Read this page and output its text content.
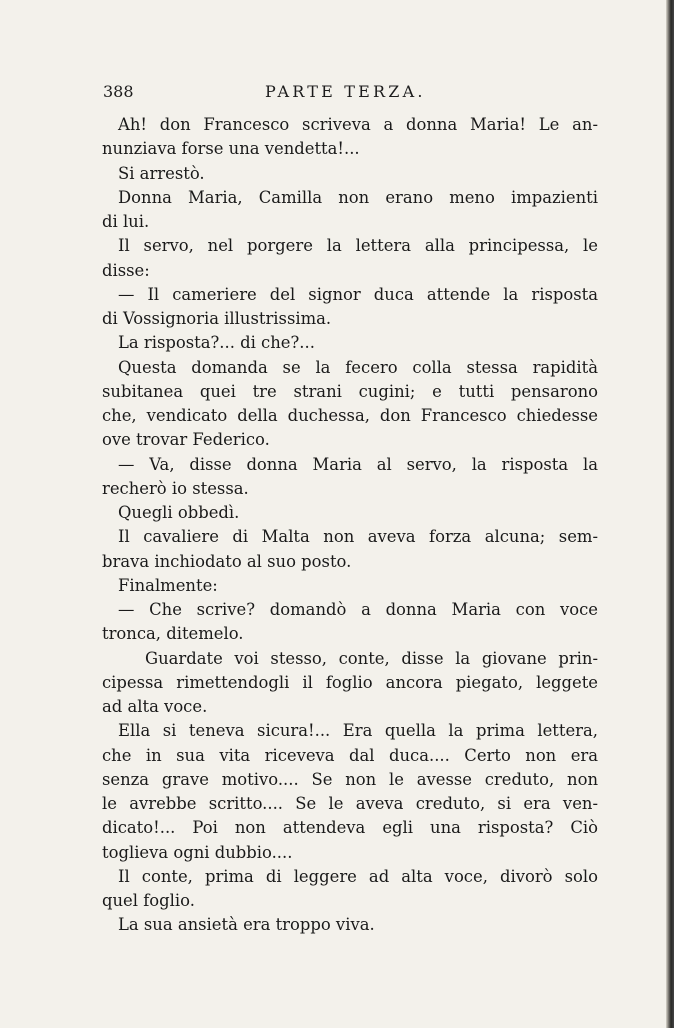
388	PARTE TERZA.
Ah! don Francesco scriveva a donna Maria! Le an-
nunziava forse una vendetta!...
Si arrestò.
Donna Maria, Camilla non erano meno impazienti
di lui.
Il servo, nel porgere la lettera alla principessa, le
disse:
— Il cameriere del signor duca attende la risposta
di Vossignoria illustrissima.
La risposta?... di che?...
Questa domanda se la fecero colla stessa rapidità
subitanea quei tre strani cugini; e tutti pensarono
che, vendicato della duchessa, don Francesco chiedesse
ove trovar Federico.
— Va, disse donna Maria al servo, la risposta la
recherò io stessa.
Quegli obbedì.
Il cavaliere di Malta non aveva forza alcuna; sem-
brava inchiodato al suo posto.
Finalmente:
— Che scrive? domandò a donna Maria con voce
tronca, ditemelo.
Guardate voi stesso, conte, disse la giovane prin-
cipessa rimettendogli il foglio ancora piegato, leggete
ad alta voce.
Ella si teneva sicura!... Era quella la prima lettera,
che in sua vita riceveva dal duca.... Certo non era
senza grave motivo.... Se non le avesse creduto, non
le avrebbe scritto.... Se le aveva creduto, si era ven-
dicato!... Poi non attendeva egli una risposta? Ciò
toglieva ogni dubbio....
Il conte, prima di leggere ad alta voce, divorò solo
quel foglio.
La sua ansietà era troppo viva.
